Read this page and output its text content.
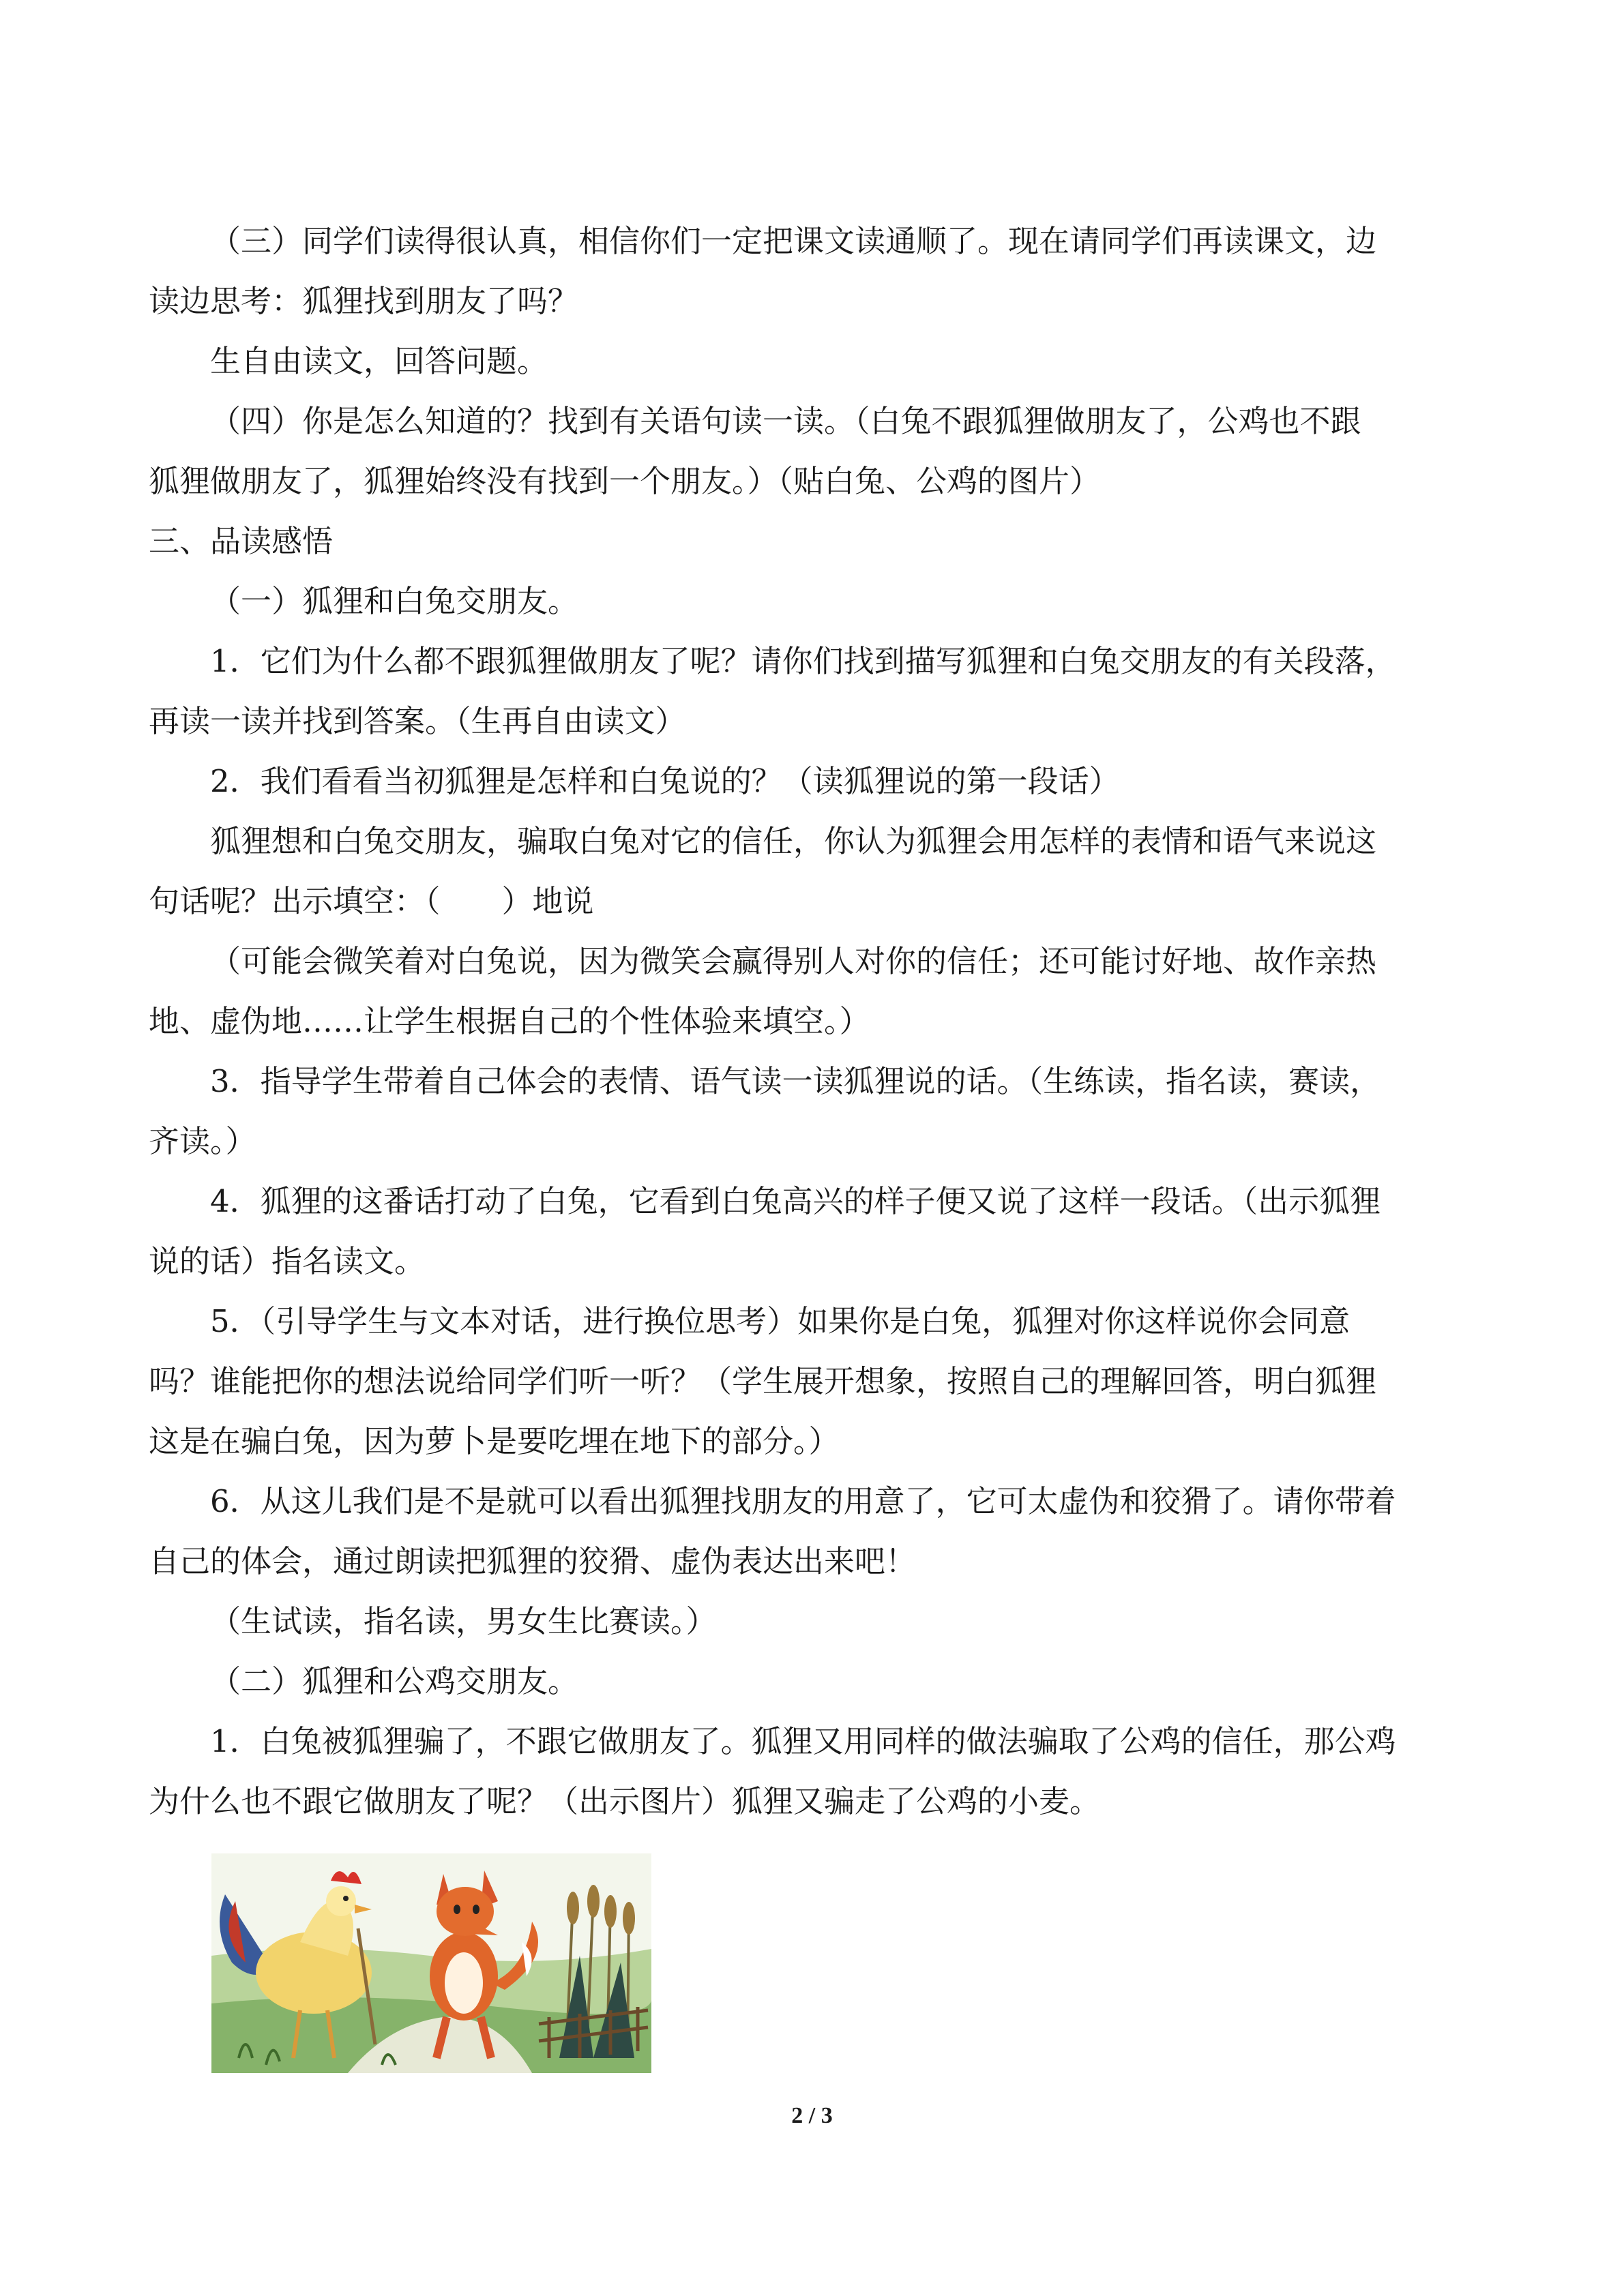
（三）同学们读得很认真，相信你们一定把课文读通顺了。现在请同学们再读课文，边
读边思考：狐狸找到朋友了吗？
生自由读文，回答问题。
（四）你是怎么知道的？找到有关语句读一读。（白兔不跟狐狸做朋友了，公鸡也不跟
狐狸做朋友了，狐狸始终没有找到一个朋友。）（贴白兔、公鸡的图片）
三、品读感悟
（一）狐狸和白兔交朋友。
1．它们为什么都不跟狐狸做朋友了呢？请你们找到描写狐狸和白兔交朋友的有关段落，
再读一读并找到答案。（生再自由读文）
2．我们看看当初狐狸是怎样和白兔说的？（读狐狸说的第一段话）
狐狸想和白兔交朋友，骗取白兔对它的信任，你认为狐狸会用怎样的表情和语气来说这
句话呢？出示填空：（　　）地说
（可能会微笑着对白兔说，因为微笑会赢得别人对你的信任；还可能讨好地、故作亲热
地、虚伪地……让学生根据自己的个性体验来填空。）
3．指导学生带着自己体会的表情、语气读一读狐狸说的话。（生练读，指名读，赛读，
齐读。）
4．狐狸的这番话打动了白兔，它看到白兔高兴的样子便又说了这样一段话。（出示狐狸
说的话）指名读文。
5．（引导学生与文本对话，进行换位思考）如果你是白兔，狐狸对你这样说你会同意
吗？谁能把你的想法说给同学们听一听？（学生展开想象，按照自己的理解回答，明白狐狸
这是在骗白兔，因为萝卜是要吃埋在地下的部分。）
6．从这儿我们是不是就可以看出狐狸找朋友的用意了，它可太虚伪和狡猾了。请你带着
自己的体会，通过朗读把狐狸的狡猾、虚伪表达出来吧！
（生试读，指名读，男女生比赛读。）
（二）狐狸和公鸡交朋友。
1．白兔被狐狸骗了，不跟它做朋友了。狐狸又用同样的做法骗取了公鸡的信任，那公鸡
为什么也不跟它做朋友了呢？（出示图片）狐狸又骗走了公鸡的小麦。
2 / 3
